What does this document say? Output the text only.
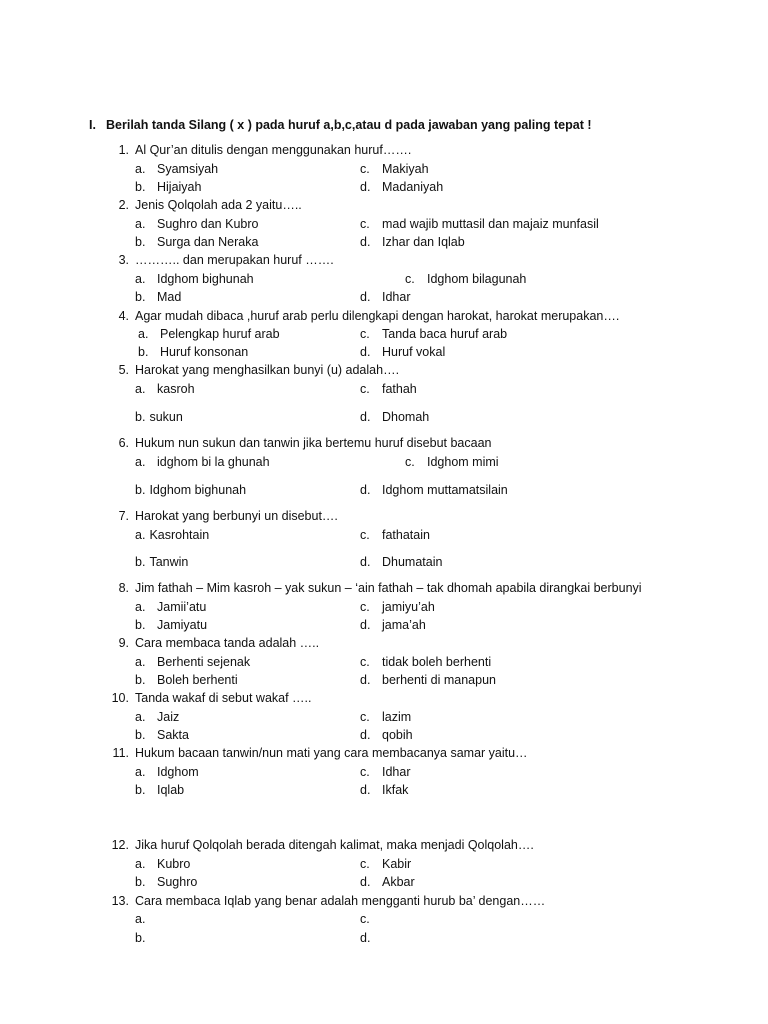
I. Berilah tanda Silang ( x ) pada huruf a,b,c,atau d pada jawaban yang paling tepat !
1. Al Qur’an ditulis dengan menggunakan huruf…….
a. Syamsiyah	c. Makiyah
b. Hijaiyah	d. Madaniyah
2. Jenis Qolqolah ada 2 yaitu…..
a. Sughro dan Kubro	c. mad wajib muttasil dan majaiz munfasil
b. Surga dan Neraka	d. Izhar dan Iqlab
3. ……….. dan merupakan huruf …….
a. Idghom bighunah	c. Idghom bilagunah
b. Mad	d. Idhar
4. Agar mudah dibaca ,huruf arab perlu dilengkapi dengan harokat, harokat merupakan….
a. Pelengkap huruf arab	c. Tanda baca huruf arab
b. Huruf konsonan	d. Huruf vokal
5. Harokat yang menghasilkan bunyi (u) adalah….
a. kasroh	c. fathah
b. sukun	d. Dhomah
6. Hukum nun sukun dan tanwin jika bertemu huruf disebut bacaan
a. idghom bi la ghunah	c. Idghom mimi
b. Idghom bighunah	d. Idghom muttamatsilain
7. Harokat yang berbunyi un disebut….
a. Kasrohtain	c. fathatain
b. Tanwin	d. Dhumatain
8. Jim fathah – Mim kasroh – yak sukun – ‘ain fathah – tak dhomah apabila dirangkai berbunyi
a. Jamii’atu	c. jamiyu’ah
b. Jamiyatu	d. jama’ah
9. Cara membaca tanda adalah …..
a. Berhenti sejenak	c. tidak boleh berhenti
b. Boleh berhenti	d. berhenti di manapun
10. Tanda wakaf di sebut wakaf …..
a. Jaiz	c. lazim
b. Sakta	d. qobih
11. Hukum bacaan tanwin/nun mati yang cara membacanya samar yaitu…
a. Idghom	c. Idhar
b. Iqlab	d. Ikfak
12. Jika huruf Qolqolah berada ditengah kalimat, maka menjadi Qolqolah….
a. Kubro	c. Kabir
b. Sughro	d. Akbar
13. Cara membaca Iqlab yang benar adalah mengganti hurub ba’ dengan……
a.	c.
b.	d.
